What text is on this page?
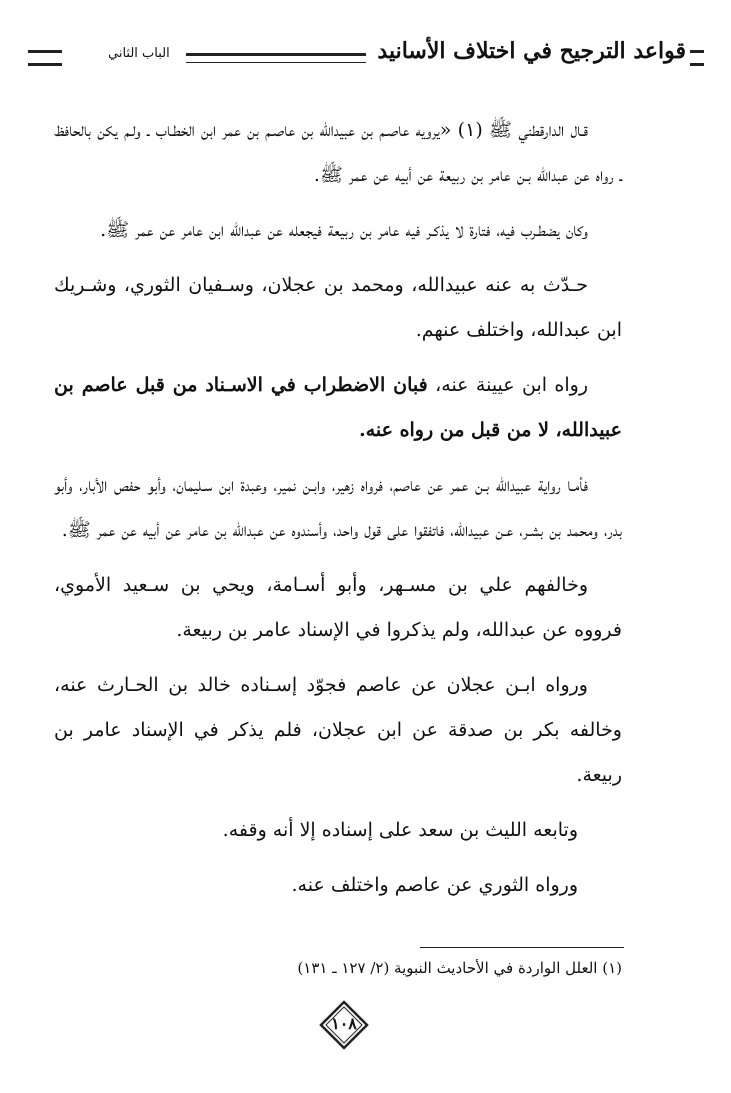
الباب الثاني	قواعد الترجيح في اختلاف الأسانيد

قـال الدارقطني ﷺ (١) «يرويه عاصـم بن عبيدالله بن عاصـم بن عمر ابن الخطـاب ـ ولـم يكن بالحافظ ـ رواه عن عبدالله بـن عامر بن ربيعة عن أبيه عن عمر ﷺ.

وكان يضطـرب فيه، فتارة لا يذكـر فيه عامر بن ربيعة فيجعله عن عبدالله ابن عامر عن عمر ﷺ.

حـدّث به عنه عبيدالله، ومحمد بن عجلان، وسـفيان الثوري، وشـريك ابن عبدالله، واختلف عنهم.

رواه ابن عيينة عنه، فبان الاضطراب في الاسـناد من قبل عاصم بن عبيدالله، لا من قبل من رواه عنه.

فأمـا رواية عبيدالله بـن عمر عن عاصم، فرواه زهير، وابـن نمير، وعبدة ابن سـليمان، وأبو حفص الأبار، وأبو بدر، ومحمد بن بشـر، عـن عبيدالله، فاتفقوا على قول واحد، وأسندوه عن عبدالله بن عامر عن أبيه عن عمر ﷺ.

وخالفهم علي بن مسـهر، وأبو أسـامة، ويحي بن سـعيد الأموي، فرووه عن عبدالله، ولم يذكروا في الإسناد عامر بن ربيعة.

ورواه ابـن عجلان عن عاصم فجوّد إسـناده خالد بن الحـارث عنه، وخالفه بكر بن صدقة عن ابن عجلان، فلم يذكر في الإسناد عامر بن ربيعة.

وتابعه الليث بن سعد على إسناده إلا أنه وقفه.

ورواه الثوري عن عاصم واختلف عنه.

(١) العلل الواردة في الأحاديث النبوية (٢/ ١٢٧ ـ ١٣١)
١٠٨
